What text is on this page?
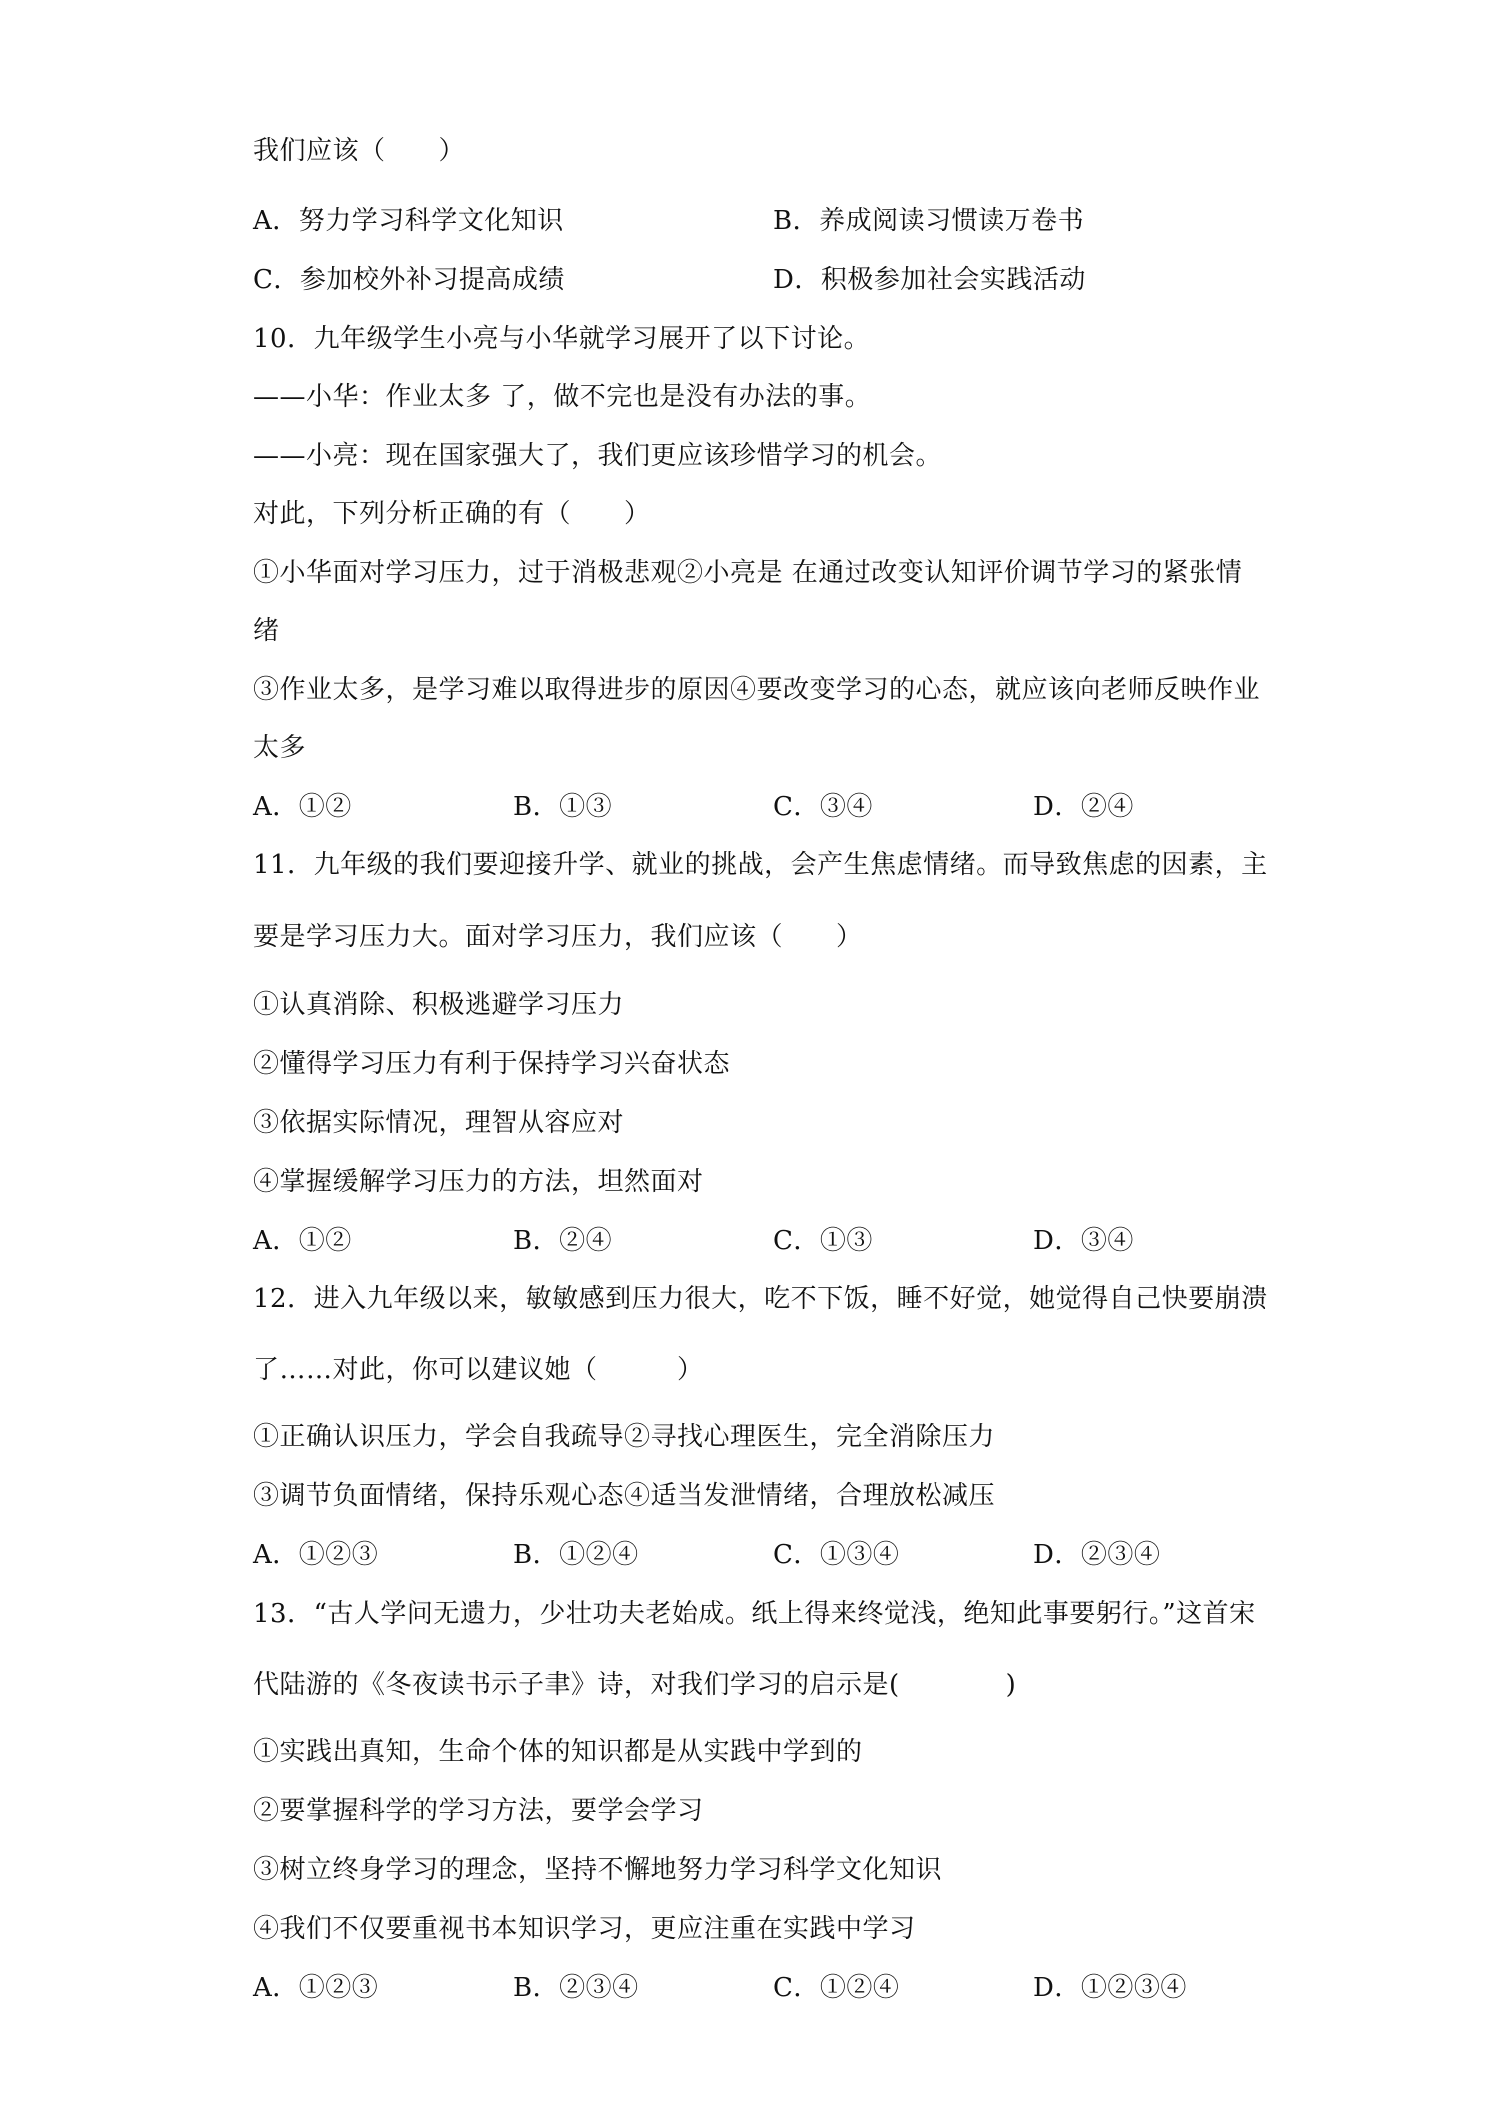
我们应该（　　）
A．努力学习科学文化知识	B．养成阅读习惯读万卷书
C．参加校外补习提高成绩	D．积极参加社会实践活动
10．九年级学生小亮与小华就学习展开了以下讨论。
——小华：作业太多 了，做不完也是没有办法的事。
——小亮：现在国家强大了，我们更应该珍惜学习的机会。
对此，下列分析正确的有（　　）
①小华面对学习压力，过于消极悲观②小亮是 在通过改变认知评价调节学习的紧张情
绪
③作业太多，是学习难以取得进步的原因④要改变学习的心态，就应该向老师反映作业
太多
A．①②	B．①③	C．③④	D．②④
11．九年级的我们要迎接升学、就业的挑战，会产生焦虑情绪。而导致焦虑的因素，主
要是学习压力大。面对学习压力，我们应该（　　）
①认真消除、积极逃避学习压力
②懂得学习压力有利于保持学习兴奋状态
③依据实际情况，理智从容应对
④掌握缓解学习压力的方法，坦然面对
A．①②	B．②④	C．①③	D．③④
12．进入九年级以来，敏敏感到压力很大，吃不下饭，睡不好觉，她觉得自己快要崩溃
了……对此，你可以建议她（　　　）
①正确认识压力，学会自我疏导②寻找心理医生，完全消除压力
③调节负面情绪，保持乐观心态④适当发泄情绪，合理放松减压
A．①②③	B．①②④	C．①③④	D．②③④
13．“古人学问无遗力，少壮功夫老始成。纸上得来终觉浅，绝知此事要躬行。”这首宋
代陆游的《冬夜读书示子聿》诗，对我们学习的启示是(　　　　)
①实践出真知，生命个体的知识都是从实践中学到的
②要掌握科学的学习方法，要学会学习
③树立终身学习的理念，坚持不懈地努力学习科学文化知识
④我们不仅要重视书本知识学习，更应注重在实践中学习
A．①②③	B．②③④	C．①②④	D．①②③④
